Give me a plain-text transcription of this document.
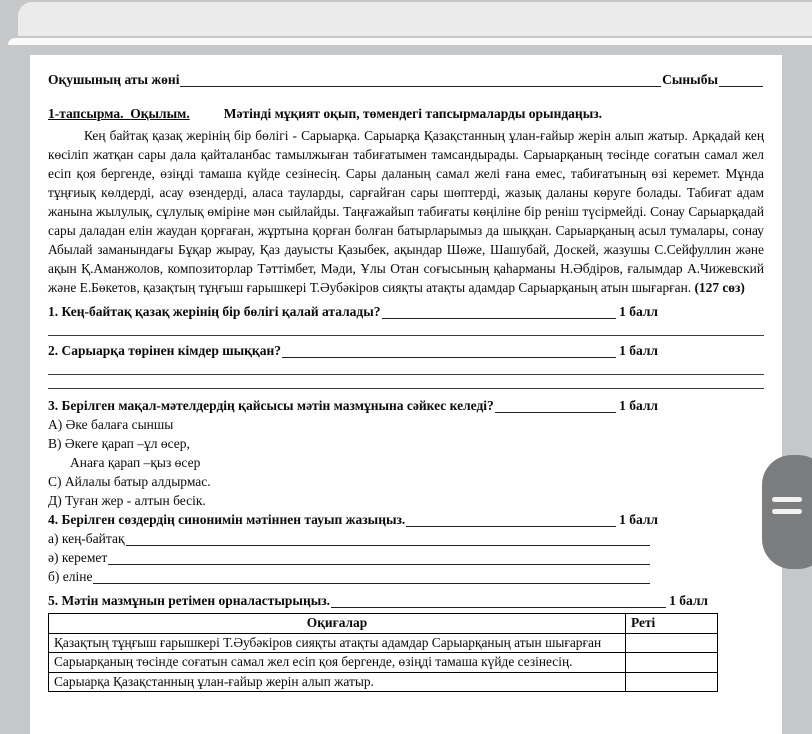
Оқушының аты жөні	Сыныбы
1-тапсырма. Оқылым.	Мәтінді мұқият оқып, төмендегі тапсырмаларды орындаңыз.

Кең байтақ қазақ жерінің бір бөлігі - Сарыарқа. Сарыарқа Қазақстанның ұлан-ғайыр жерін алып жатыр. Арқадай кең көсіліп жатқан сары дала қайталанбас тамылжыған табиғатымен тамсандырады. Сарыарқаның төсінде соғатын самал жел есіп қоя бергенде, өзіңді тамаша күйде сезінесің. Сары даланың самал желі ғана емес, табиғатының өзі керемет. Мұнда тұңғиық көлдерді, асау өзендерді, аласа тауларды, сарғайған сары шөптерді, жазық даланы көруге болады. Табиғат адам жанына жылулық, сұлулық өміріне мән сыйлайды. Таңғажайып табиғаты көңіліне бір реніш түсірмейді. Сонау Сарыарқадай сары даладан елін жаудан қорғаған, жұртына қорған болған батырларымыз да шыққан. Сарыарқаның асыл тумалары, сонау Абылай заманындағы Бұқар жырау, Қаз дауысты Қазыбек, ақындар Шөже, Шашубай, Доскей, жазушы С.Сейфуллин және ақын Қ.Аманжолов, композиторлар Тәттімбет, Мәди, Ұлы Отан соғысының қаһарманы Н.Әбдіров, ғалымдар А.Чижевский және Е.Бөкетов, қазақтың тұңғыш ғарышкері Т.Әубәкіров сияқты атақты адамдар Сарыарқаның атын шығарған. (127 сөз)

1. Кең-байтақ қазақ жерінің бір бөлігі қалай аталады?	1 балл
2. Сарыарқа төрінен кімдер шыққан?	1 балл
3. Берілген мақал-мәтелдердің қайсысы мәтін мазмұнына сәйкес келеді?	1 балл
А) Әке балаға сыншы
В) Әкеге қарап –ұл өсер,
Анаға қарап –қыз өсер
С) Айлалы батыр алдырмас.
Д) Туған жер - алтын бесік.
4. Берілген сөздердің синонимін мәтіннен тауып жазыңыз.	1 балл
а) кең-байтақ
ә) керемет
б) еліне
5. Мәтін мазмұнын ретімен орналастырыңыз.	1 балл
Оқиғалар	Реті
Қазақтың тұңғыш ғарышкері Т.Әубәкіров сияқты атақты адамдар Сарыарқаның атын шығарған	
Сарыарқаның төсінде соғатын самал жел есіп қоя бергенде, өзіңді тамаша күйде сезінесің.	
Сарыарқа Қазақстанның ұлан-ғайыр жерін алып жатыр.	
